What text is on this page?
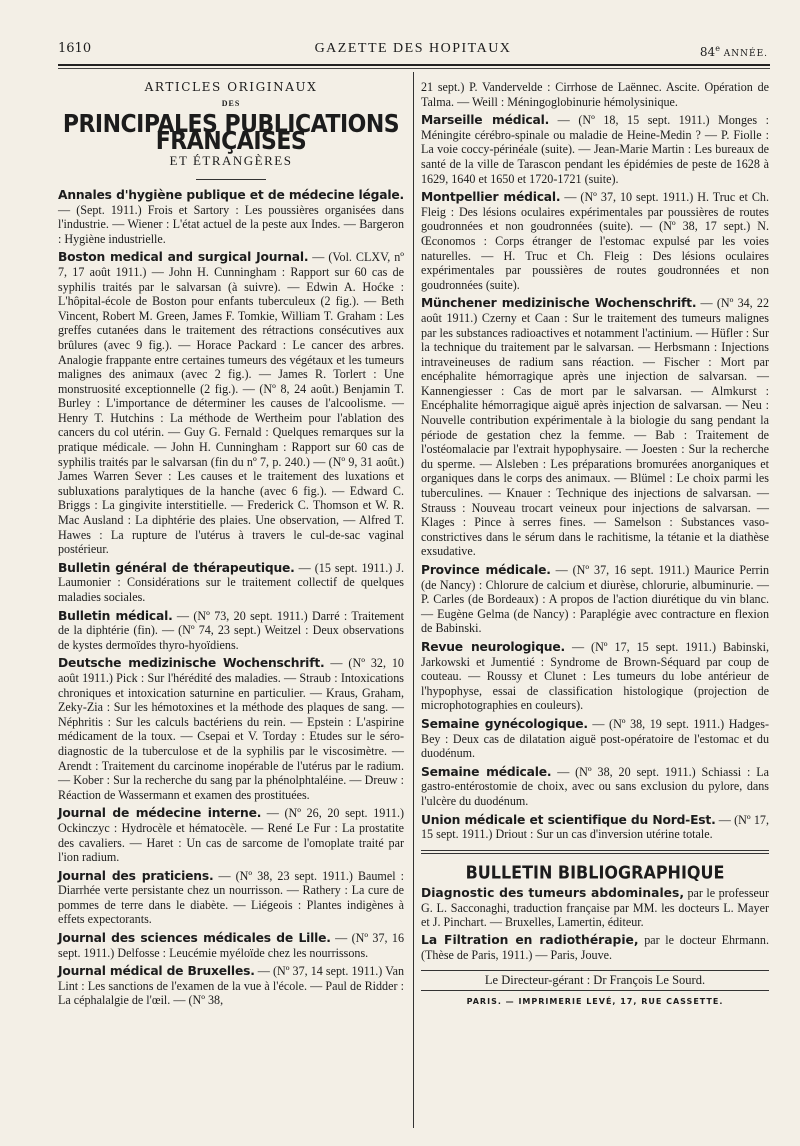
1610	GAZETTE DES HOPITAUX	84e ANNÉE.
ARTICLES ORIGINAUX
DES
PRINCIPALES PUBLICATIONS FRANÇAISES
ET ÉTRANGÈRES
Annales d'hygiène publique et de médecine légale. — (Sept. 1911.) Frois et Sartory : Les poussières organisées dans l'industrie. — Wiener : L'état actuel de la peste aux Indes. — Bargeron : Hygiène industrielle.
Boston medical and surgical Journal. — (Vol. CLXV, nº 7, 17 août 1911.) — John H. Cunningham : Rapport sur 60 cas de syphilis traités par le salvarsan (à suivre). — Edwin A. Hoćke : L'hôpital-école de Boston pour enfants tuberculeux (2 fig.). — Beth Vincent, Robert M. Green, James F. Tomkie, William T. Graham : Les greffes cutanées dans le traitement des rétractions consécutives aux brûlures (avec 9 fig.). — Horace Packard : Le cancer des arbres. Analogie frappante entre certaines tumeurs des végétaux et les tumeurs malignes des animaux (avec 2 fig.). — James R. Torlert : Une monstruosité exceptionnelle (2 fig.). — (Nº 8, 24 août.) Benjamin T. Burley : L'importance de déterminer les causes de l'alcoolisme. — Henry T. Hutchins : La méthode de Wertheim pour l'ablation des cancers du col utérin. — Guy G. Fernald : Quelques remarques sur la pratique médicale. — John H. Cunningham : Rapport sur 60 cas de syphilis traités par le salvarsan (fin du nº 7, p. 240.) — (Nº 9, 31 août.) James Warren Sever : Les causes et le traitement des luxations et subluxations paralytiques de la hanche (avec 6 fig.). — Edward C. Briggs : La gingivite interstitielle. — Frederick C. Thomson et W. R. Mac Ausland : La diphtérie des plaies. Une observation, — Alfred T. Hawes : La rupture de l'utérus à travers le cul-de-sac vaginal postérieur.
Bulletin général de thérapeutique. — (15 sept. 1911.) J. Laumonier : Considérations sur le traitement collectif de quelques maladies sociales.
Bulletin médical. — (Nº 73, 20 sept. 1911.) Darré : Traitement de la diphtérie (fin). — (Nº 74, 23 sept.) Weitzel : Deux observations de kystes dermoïdes thyro-hyoïdiens.
Deutsche medizinische Wochenschrift. — (Nº 32, 10 août 1911.) Pick : Sur l'hérédité des maladies. — Straub : Intoxications chroniques et intoxication saturnine en particulier. — Kraus, Graham, Zeky-Zia : Sur les hémotoxines et la méthode des plaques de sang. — Néphritis : Sur les calculs bactériens du rein. — Epstein : L'aspirine médicament de la toux. — Csepai et V. Torday : Etudes sur le séro-diagnostic de la tuberculose et de la syphilis par le viscosimètre. — Arendt : Traitement du carcinome inopérable de l'utérus par le radium. — Kober : Sur la recherche du sang par la phénolphtaléine. — Dreuw : Réaction de Wassermann et examen des prostituées.
Journal de médecine interne. — (Nº 26, 20 sept. 1911.) Ockinczyc : Hydrocèle et hématocèle. — René Le Fur : La prostatite des cavaliers. — Haret : Un cas de sarcome de l'omoplate traité par l'ion radium.
Journal des praticiens. — (Nº 38, 23 sept. 1911.) Baumel : Diarrhée verte persistante chez un nourrisson. — Rathery : La cure de pommes de terre dans le diabète. — Liégeois : Plantes indigènes à effets expectorants.
Journal des sciences médicales de Lille. — (Nº 37, 16 sept. 1911.) Delfosse : Leucémie myéloïde chez les nourrissons.
Journal médical de Bruxelles. — (Nº 37, 14 sept. 1911.) Van Lint : Les sanctions de l'examen de la vue à l'école. — Paul de Ridder : La céphalalgie de l'œil. — (Nº 38,
21 sept.) P. Vandervelde : Cirrhose de Laënnec. Ascite. Opération de Talma. — Weill : Méningoglobinurie hémolysinique.
Marseille médical. — (Nº 18, 15 sept. 1911.) Monges : Méningite cérébro-spinale ou maladie de Heine-Medin ? — P. Fiolle : La voie coccy-périnéale (suite). — Jean-Marie Martin : Les bureaux de santé de la ville de Tarascon pendant les épidémies de peste de 1628 à 1629, 1640 et 1650 et 1720-1721 (suite).
Montpellier médical. — (Nº 37, 10 sept. 1911.) H. Truc et Ch. Fleig : Des lésions oculaires expérimentales par poussières de routes goudronnées et non goudronnées (suite). — (Nº 38, 17 sept.) N. Œconomos : Corps étranger de l'estomac expulsé par les voies naturelles. — H. Truc et Ch. Fleig : Des lésions oculaires expérimentales par poussières de routes goudronnées et non goudronnées (suite).
Münchener medizinische Wochenschrift. — (Nº 34, 22 août 1911.) Czerny et Caan : Sur le traitement des tumeurs malignes par les substances radioactives et notamment l'actinium. — Hüfler : Sur la technique du traitement par le salvarsan. — Herbsmann : Injections intraveineuses de radium sans réaction. — Fischer : Mort par encéphalite hémorragique après une injection de salvarsan. — Kannengiesser : Cas de mort par le salvarsan. — Almkurst : Encéphalite hémorragique aiguë après injection de salvarsan. — Neu : Nouvelle contribution expérimentale à la biologie du sang pendant la période de gestation chez la femme. — Bab : Traitement de l'ostéomalacie par l'extrait hypophysaire. — Joesten : Sur la recherche du sperme. — Alsleben : Les préparations bromurées anorganiques et organiques dans le corps des animaux. — Blümel : Le choix parmi les tuberculines. — Knauer : Technique des injections de salvarsan. — Strauss : Nouveau trocart veineux pour injections de salvarsan. — Klages : Pince à serres fines. — Samelson : Substances vaso-constrictives dans le sérum dans le rachitisme, la tétanie et la diathèse exsudative.
Province médicale. — (Nº 37, 16 sept. 1911.) Maurice Perrin (de Nancy) : Chlorure de calcium et diurèse, chlorurie, albuminurie. — P. Carles (de Bordeaux) : A propos de l'action diurétique du vin blanc. — Eugène Gelma (de Nancy) : Paraplégie avec contracture en flexion de Babinski.
Revue neurologique. — (Nº 17, 15 sept. 1911.) Babinski, Jarkowski et Jumentié : Syndrome de Brown-Séquard par coup de couteau. — Roussy et Clunet : Les tumeurs du lobe antérieur de l'hypophyse, essai de classification histologique (projection de microphotographies en couleurs).
Semaine gynécologique. — (Nº 38, 19 sept. 1911.) Hadges-Bey : Deux cas de dilatation aiguë post-opératoire de l'estomac et du duodénum.
Semaine médicale. — (Nº 38, 20 sept. 1911.) Schiassi : La gastro-entérostomie de choix, avec ou sans exclusion du pylore, dans l'ulcère du duodénum.
Union médicale et scientifique du Nord-Est. — (Nº 17, 15 sept. 1911.) Driout : Sur un cas d'inversion utérine totale.
BULLETIN BIBLIOGRAPHIQUE
Diagnostic des tumeurs abdominales, par le professeur G. L. Sacconaghi, traduction française par MM. les docteurs L. Mayer et J. Pinchart. — Bruxelles, Lamertin, éditeur.
La Filtration en radiothérapie, par le docteur Ehrmann. (Thèse de Paris, 1911.) — Paris, Jouve.
Le Directeur-gérant : Dr François Le Sourd.
PARIS. — IMPRIMERIE LEVÉ, 17, RUE CASSETTE.
